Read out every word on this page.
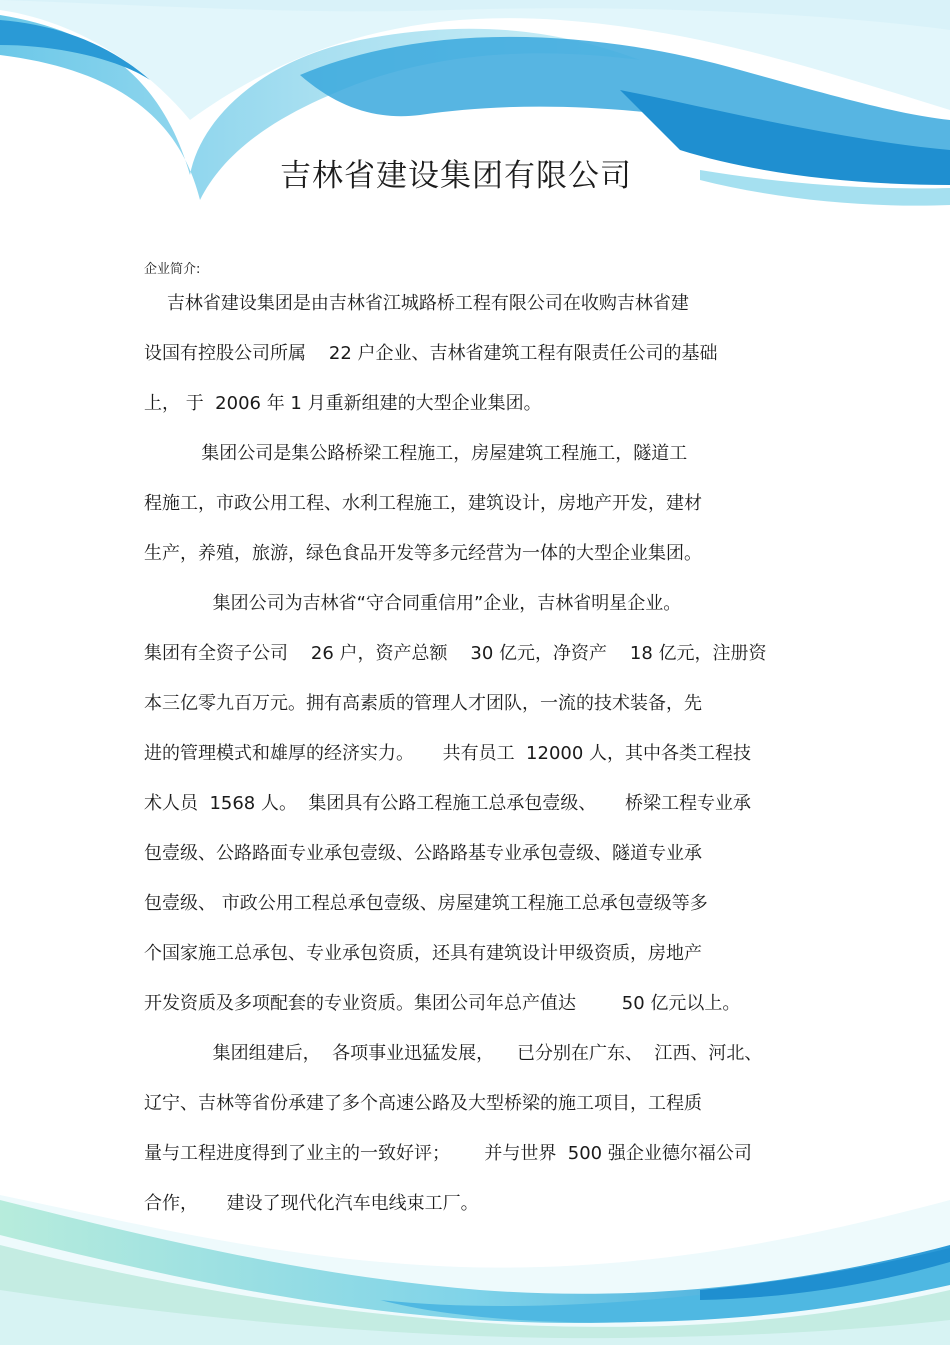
吉林省建设集团有限公司
企业简介:
吉林省建设集团是由吉林省江城路桥工程有限公司在收购吉林省建
设国有控股公司所属    22 户企业、吉林省建筑工程有限责任公司的基础
上， 于  2006 年 1 月重新组建的大型企业集团。
集团公司是集公路桥梁工程施工，房屋建筑工程施工，隧道工
程施工，市政公用工程、水利工程施工，建筑设计，房地产开发，建材
生产，养殖，旅游，绿色食品开发等多元经营为一体的大型企业集团。
集团公司为吉林省“守合同重信用”企业，吉林省明星企业。
集团有全资子公司    26 户，资产总额    30 亿元，净资产    18 亿元，注册资
本三亿零九百万元。拥有高素质的管理人才团队，一流的技术装备，先
进的管理模式和雄厚的经济实力。     共有员工  12000 人，其中各类工程技
术人员  1568 人。  集团具有公路工程施工总承包壹级、     桥梁工程专业承
包壹级、公路路面专业承包壹级、公路路基专业承包壹级、隧道专业承
包壹级、 市政公用工程总承包壹级、房屋建筑工程施工总承包壹级等多
个国家施工总承包、专业承包资质，还具有建筑设计甲级资质，房地产
开发资质及多项配套的专业资质。集团公司年总产值达        50 亿元以上。
集团组建后，  各项事业迅猛发展，    已分别在广东、  江西、河北、
辽宁、吉林等省份承建了多个高速公路及大型桥梁的施工项目，工程质
量与工程进度得到了业主的一致好评；      并与世界  500 强企业德尔福公司
合作，     建设了现代化汽车电线束工厂。
